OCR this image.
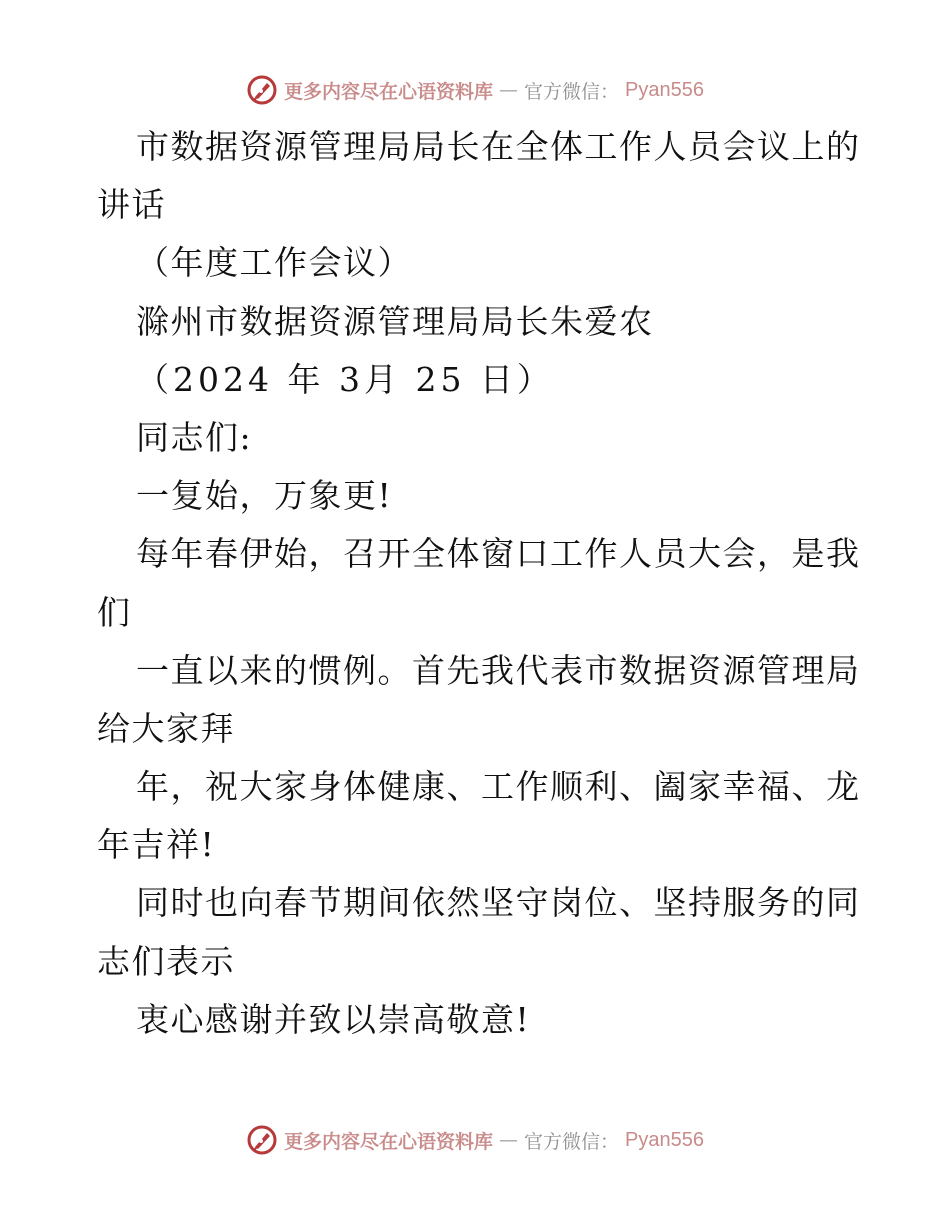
更多内容尽在心语资料库 — 官方微信： Pyan556
市数据资源管理局局长在全体工作人员会议上的
讲话
（年度工作会议）
滁州市数据资源管理局局长朱爱农
（2024 年 3月 25 日）
同志们:
一复始，万象更!
每年春伊始，召开全体窗口工作人员大会，是我
们
一直以来的惯例。首先我代表市数据资源管理局
给大家拜
年，祝大家身体健康、工作顺利、阖家幸福、龙
年吉祥!
同时也向春节期间依然坚守岗位、坚持服务的同
志们表示
衷心感谢并致以崇高敬意!
更多内容尽在心语资料库 — 官方微信： Pyan556
